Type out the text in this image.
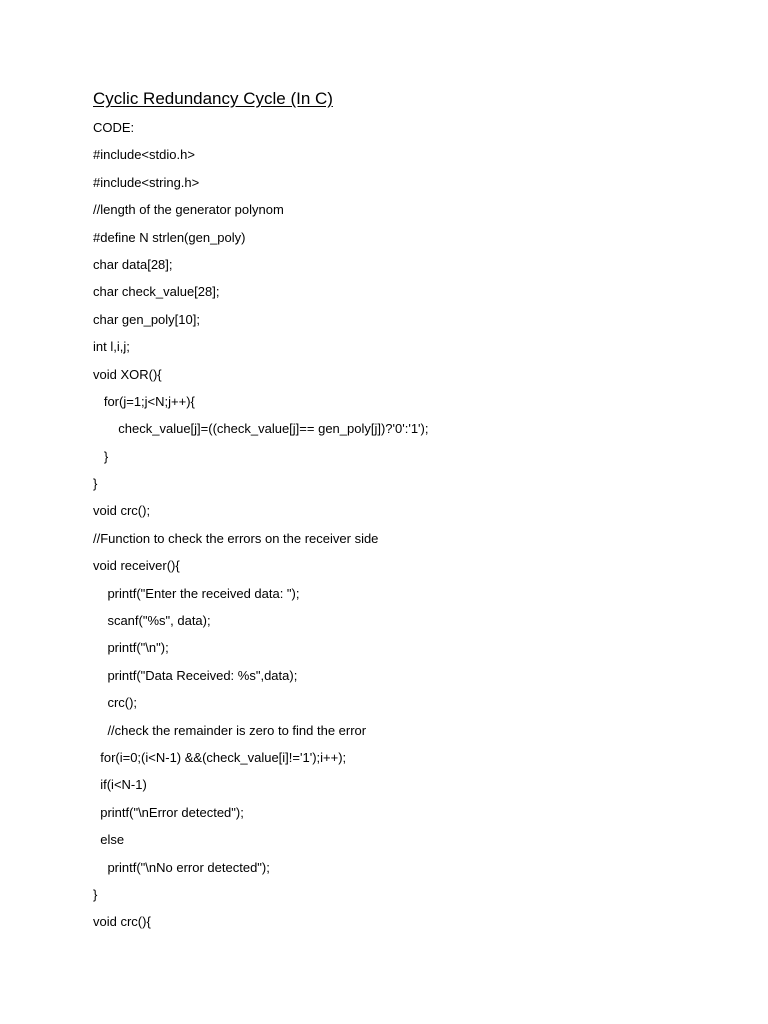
Cyclic Redundancy Cycle (In C)
CODE:
#include<stdio.h>
#include<string.h>
//length of the generator polynom
#define N strlen(gen_poly)
char data[28];
char check_value[28];
char gen_poly[10];
int l,i,j;
void XOR(){
for(j=1;j<N;j++){
check_value[j]=((check_value[j]== gen_poly[j])?'0':'1');
}
}
void crc();
//Function to check the errors on the receiver side
void receiver(){
printf("Enter the received data: ");
scanf("%s", data);
printf("\n");
printf("Data Received: %s",data);
crc();
//check the remainder is zero to find the error
for(i=0;(i<N-1) &&(check_value[i]!='1');i++);
if(i<N-1)
printf("\nError detected");
else
printf("\nNo error detected");
}
void crc(){
